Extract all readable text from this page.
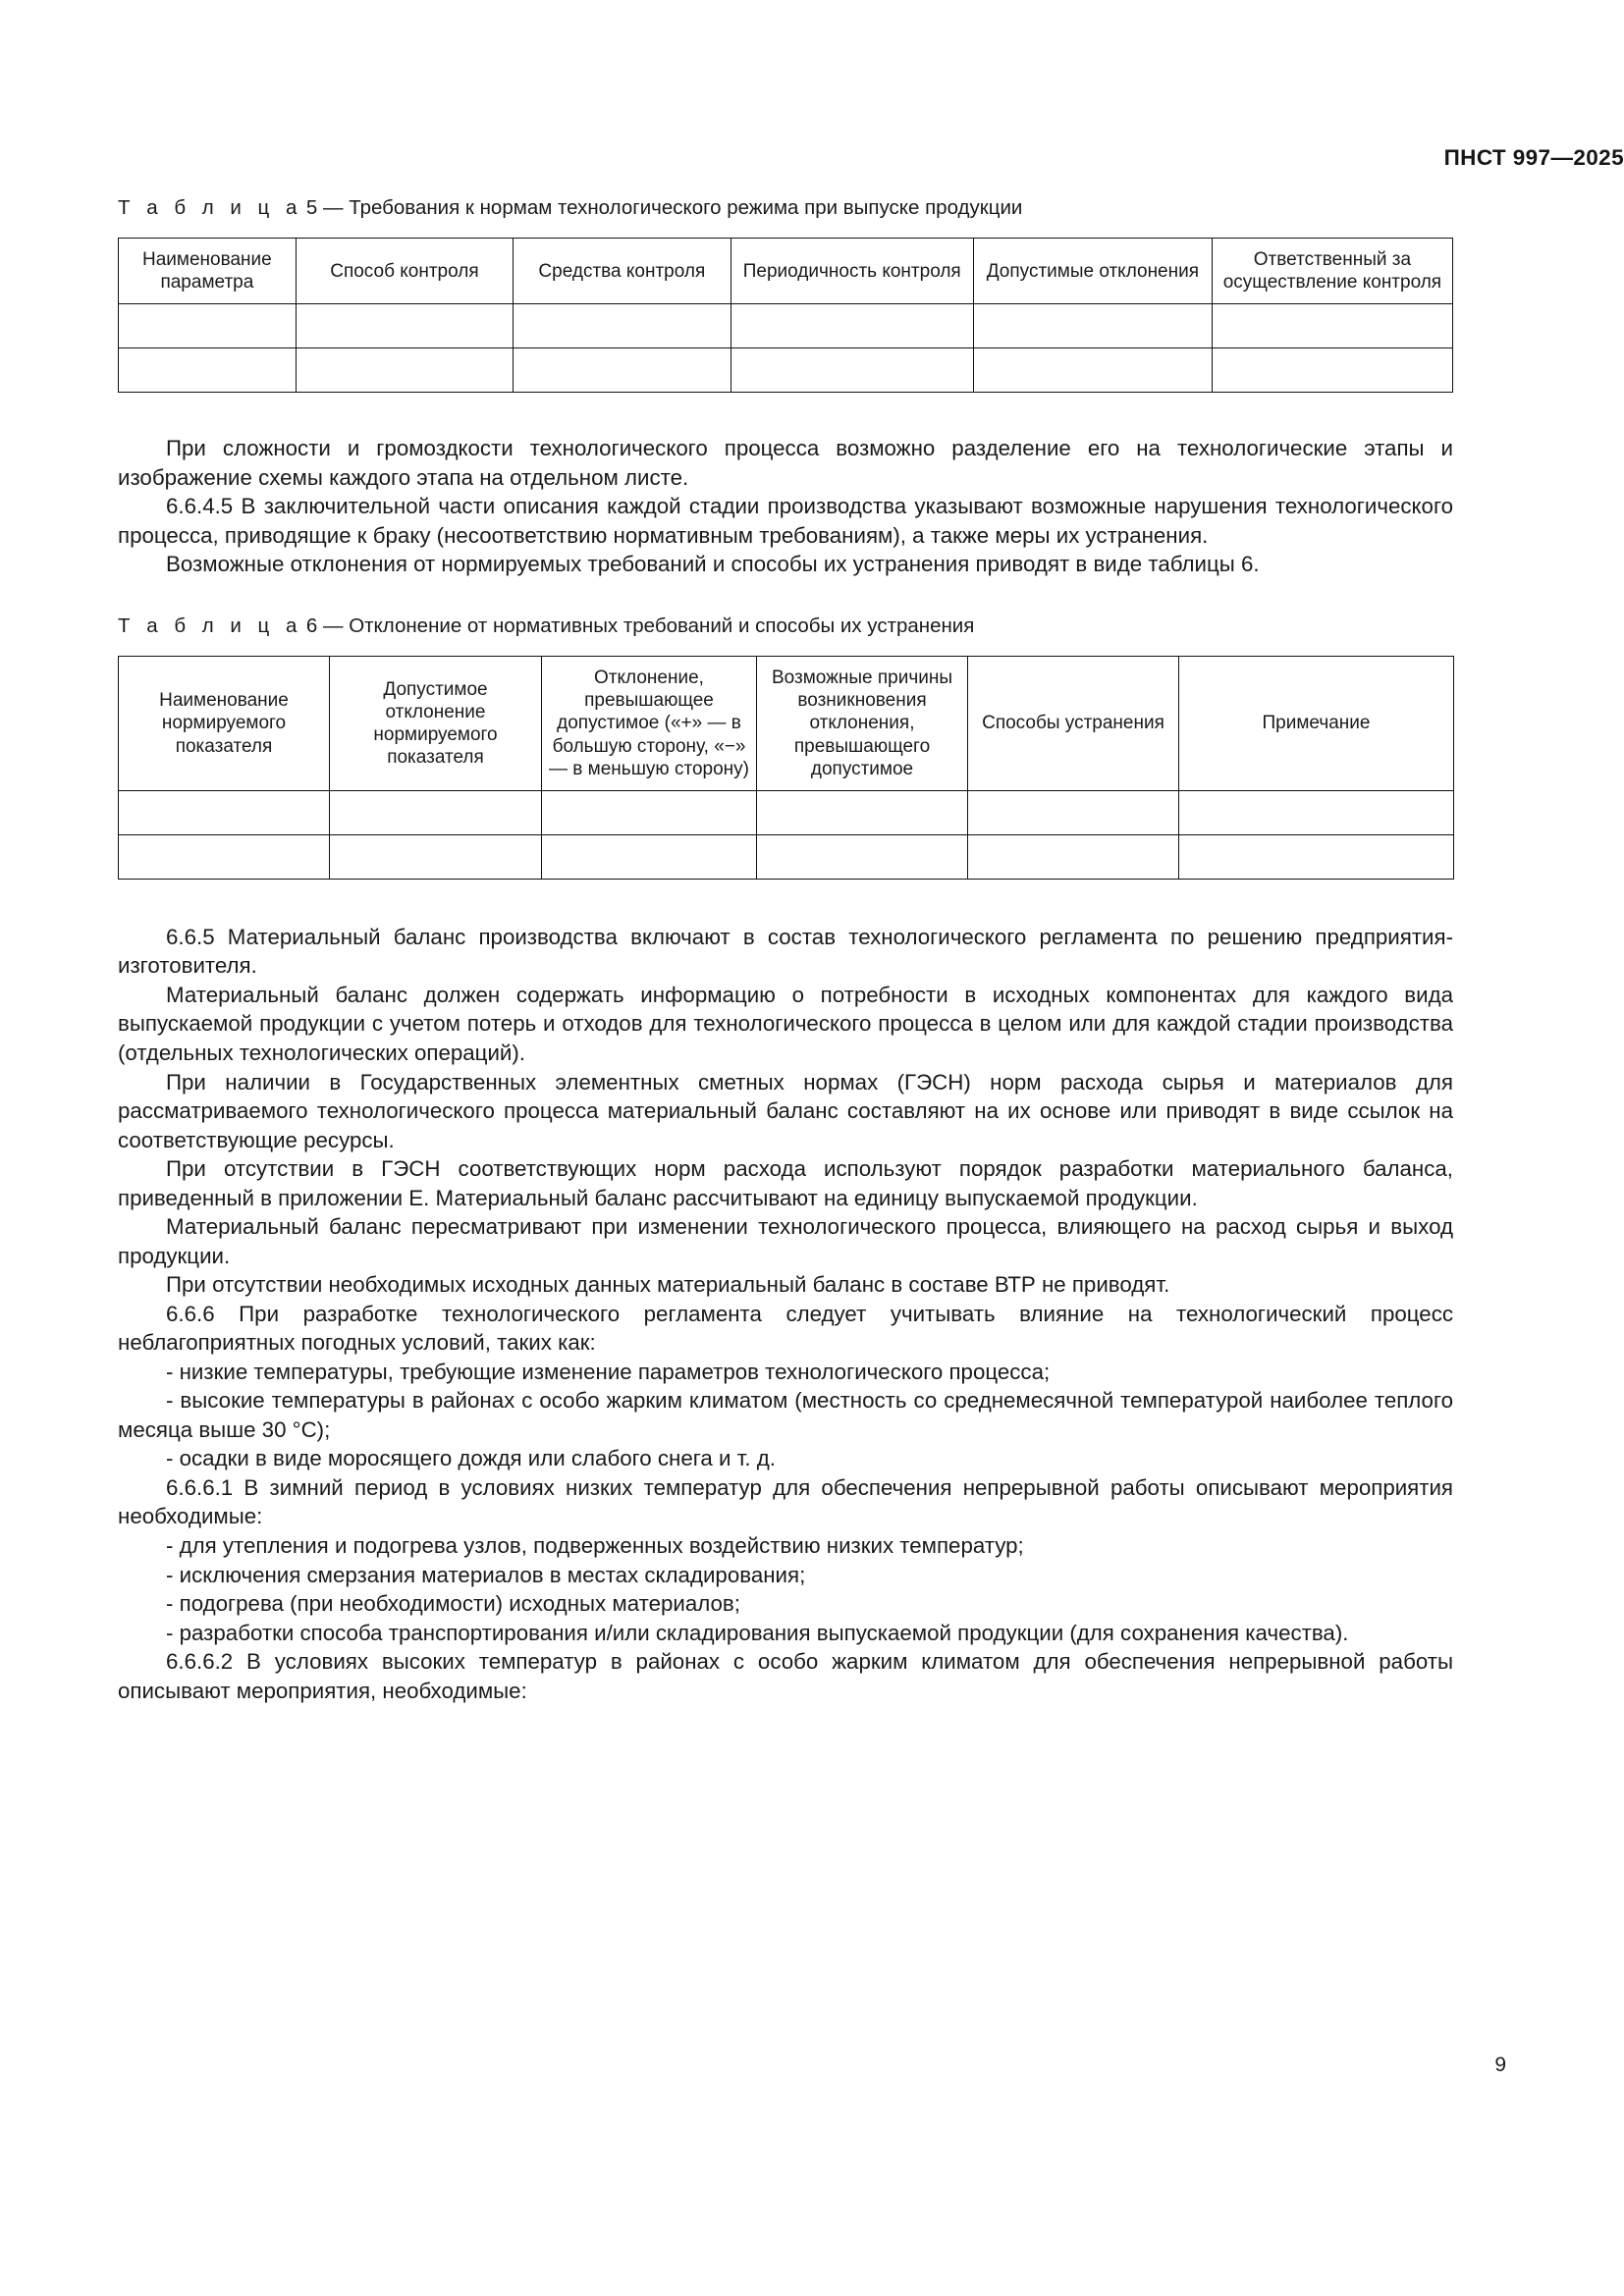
ПНСТ 997—2025
Т а б л и ц а 5 — Требования к нормам технологического режима при выпуске продукции
Наименование параметра	Способ контроля	Средства контроля	Периодичность контроля	Допустимые отклонения	Ответственный за осуществление контроля

При сложности и громоздкости технологического процесса возможно разделение его на технологические этапы и изображение схемы каждого этапа на отдельном листе.

6.6.4.5 В заключительной части описания каждой стадии производства указывают возможные нарушения технологического процесса, приводящие к браку (несоответствию нормативным требованиям), а также меры их устранения.

Возможные отклонения от нормируемых требований и способы их устранения приводят в виде таблицы 6.

Т а б л и ц а 6 — Отклонение от нормативных требований и способы их устранения
Наименование нормируемого показателя	Допустимое отклонение нормируемого показателя	Отклонение, превышающее допустимое («+» — в большую сторону, «−» — в меньшую сторону)	Возможные причины возникновения отклонения, превышающего допустимое	Способы устранения	Примечание

6.6.5 Материальный баланс производства включают в состав технологического регламента по решению предприятия-изготовителя.

Материальный баланс должен содержать информацию о потребности в исходных компонентах для каждого вида выпускаемой продукции с учетом потерь и отходов для технологического процесса в целом или для каждой стадии производства (отдельных технологических операций).

При наличии в Государственных элементных сметных нормах (ГЭСН) норм расхода сырья и материалов для рассматриваемого технологического процесса материальный баланс составляют на их основе или приводят в виде ссылок на соответствующие ресурсы.

При отсутствии в ГЭСН соответствующих норм расхода используют порядок разработки материального баланса, приведенный в приложении Е. Материальный баланс рассчитывают на единицу выпускаемой продукции.

Материальный баланс пересматривают при изменении технологического процесса, влияющего на расход сырья и выход продукции.

При отсутствии необходимых исходных данных материальный баланс в составе ВТР не приводят.

6.6.6 При разработке технологического регламента следует учитывать влияние на технологический процесс неблагоприятных погодных условий, таких как:

- низкие температуры, требующие изменение параметров технологического процесса;

- высокие температуры в районах с особо жарким климатом (местность со среднемесячной температурой наиболее теплого месяца выше 30 °C);

- осадки в виде моросящего дождя или слабого снега и т. д.

6.6.6.1 В зимний период в условиях низких температур для обеспечения непрерывной работы описывают мероприятия необходимые:

- для утепления и подогрева узлов, подверженных воздействию низких температур;

- исключения смерзания материалов в местах складирования;

- подогрева (при необходимости) исходных материалов;

- разработки способа транспортирования и/или складирования выпускаемой продукции (для сохранения качества).

6.6.6.2 В условиях высоких температур в районах с особо жарким климатом для обеспечения непрерывной работы описывают мероприятия, необходимые:

9
